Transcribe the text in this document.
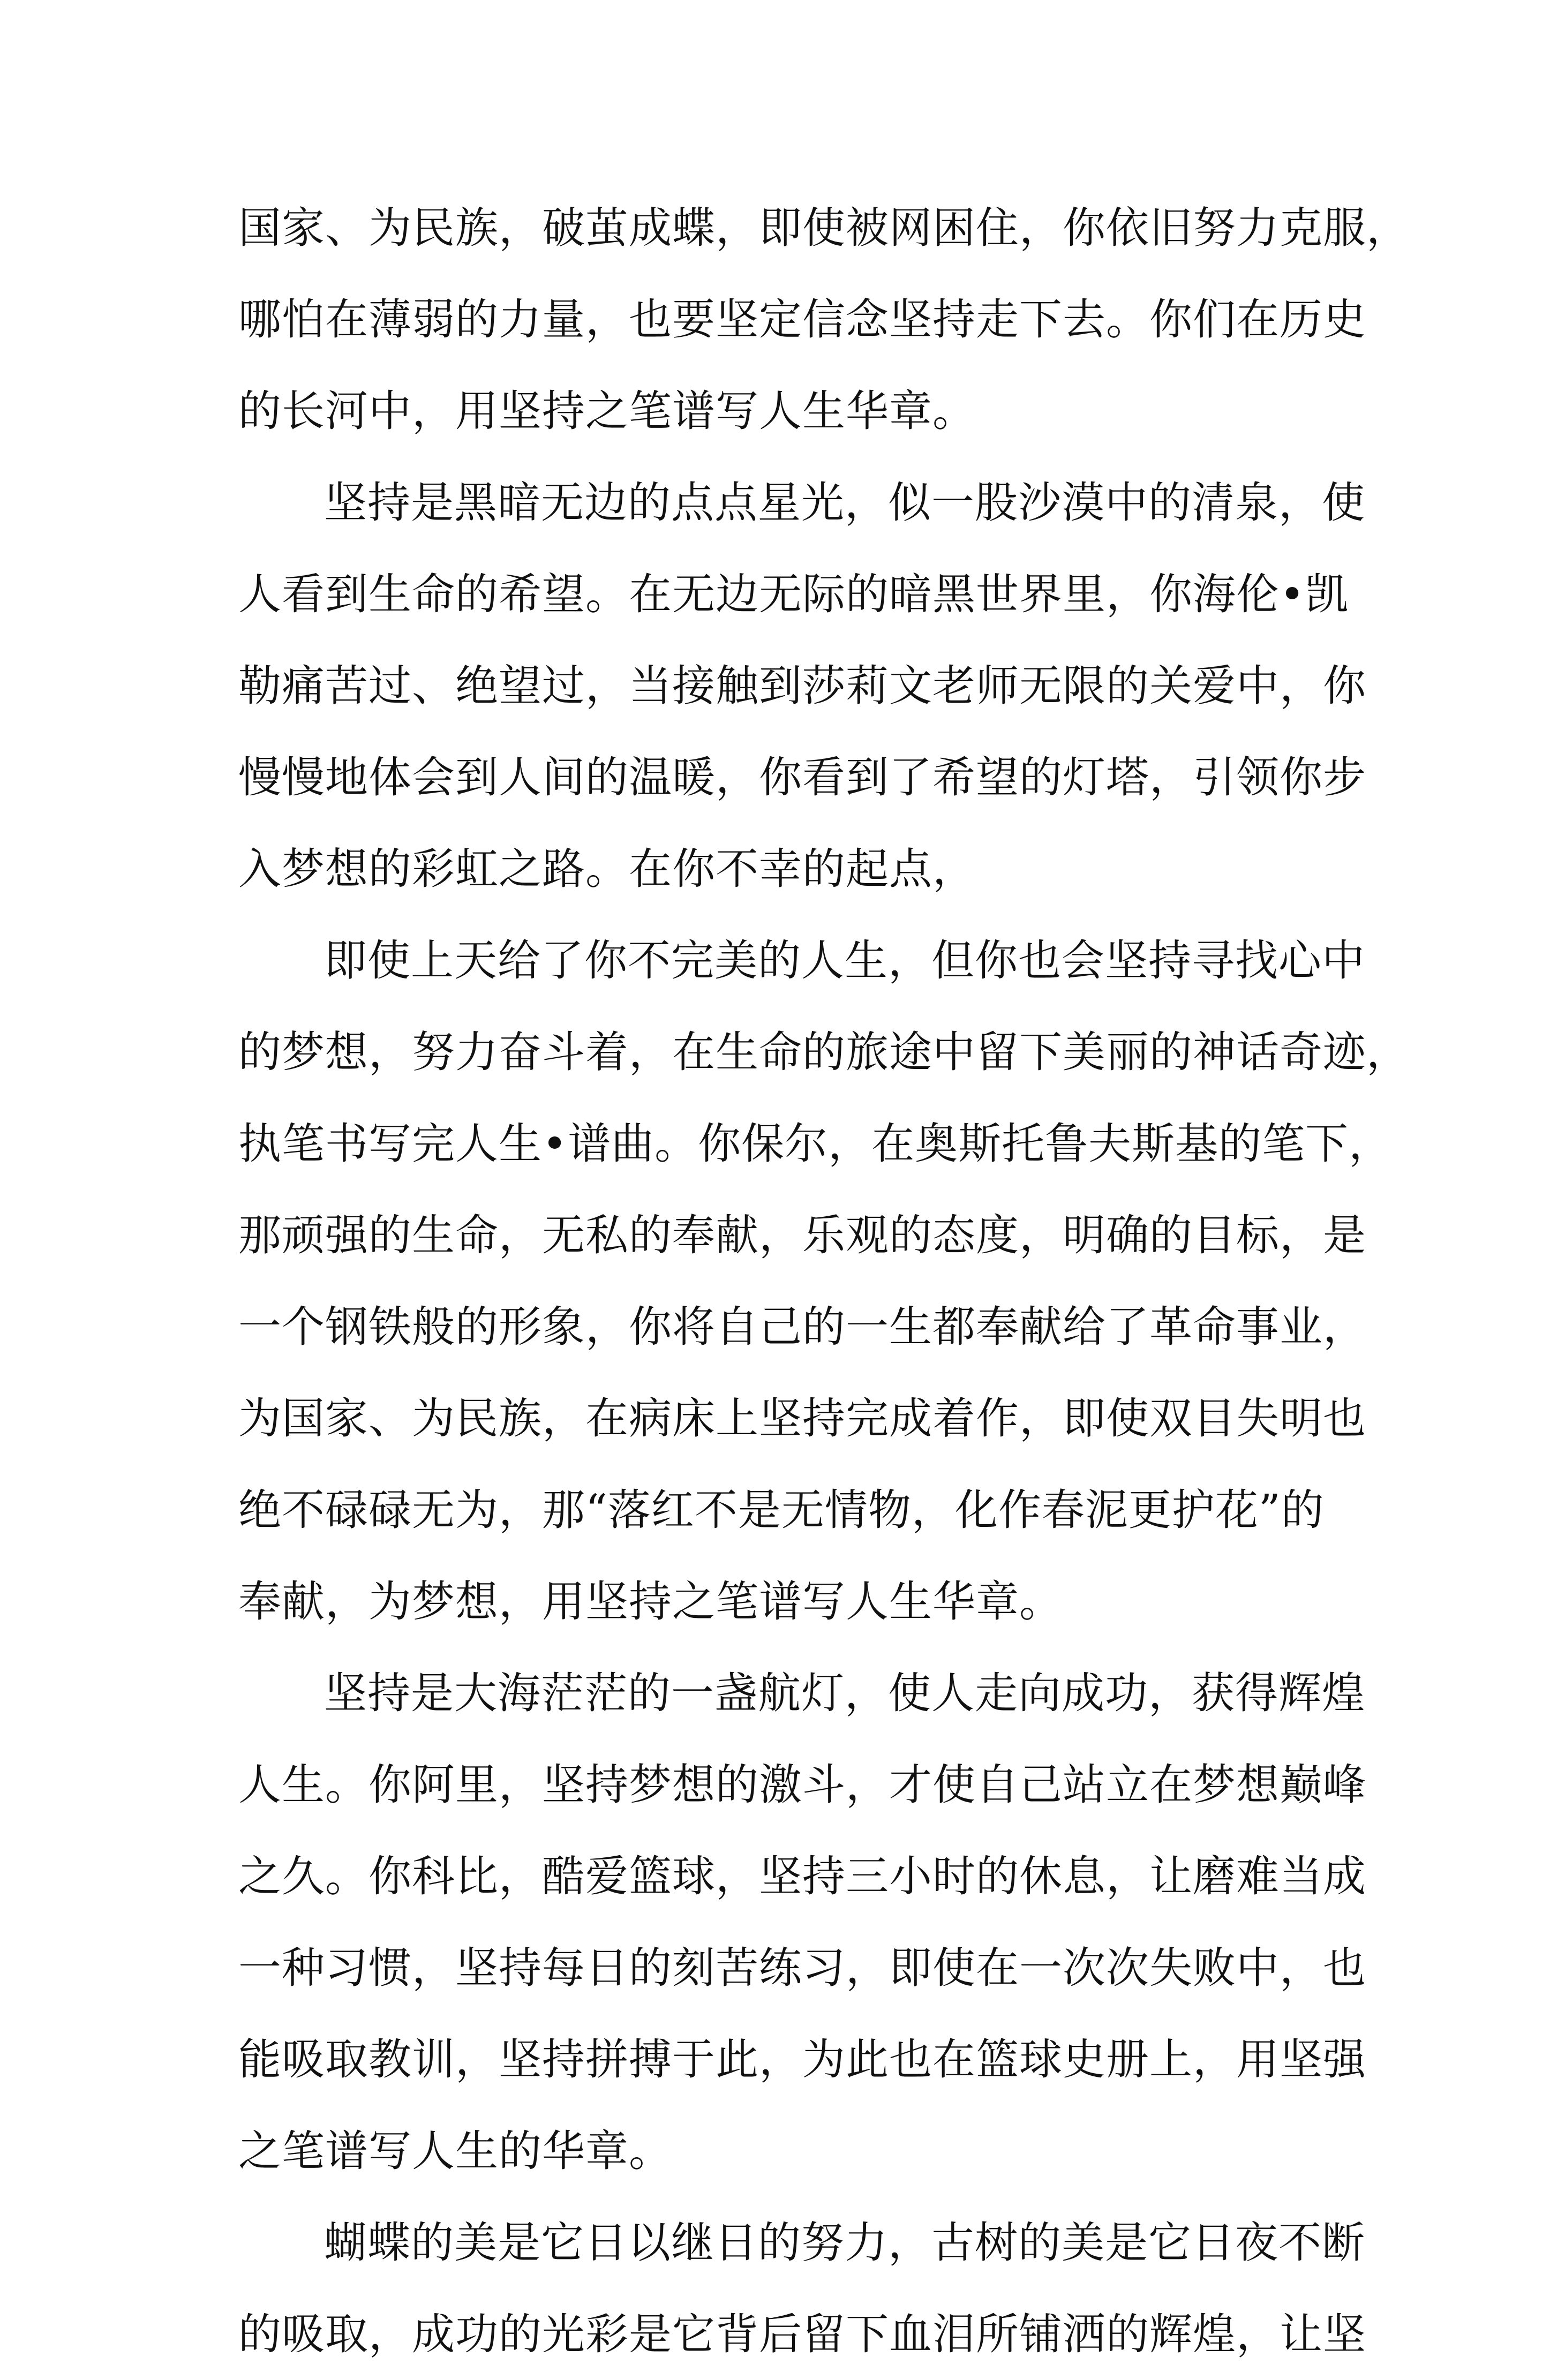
国家、为民族，破茧成蝶，即使被网困住，你依旧努力克服，
哪怕在薄弱的力量，也要坚定信念坚持走下去。你们在历史
的长河中，用坚持之笔谱写人生华章。
坚持是黑暗无边的点点星光，似一股沙漠中的清泉，使
人看到生命的希望。在无边无际的暗黑世界里，你海伦•凯
勒痛苦过、绝望过，当接触到莎莉文老师无限的关爱中，你
慢慢地体会到人间的温暖，你看到了希望的灯塔，引领你步
入梦想的彩虹之路。在你不幸的起点，
即使上天给了你不完美的人生，但你也会坚持寻找心中
的梦想，努力奋斗着，在生命的旅途中留下美丽的神话奇迹，
执笔书写完人生•谱曲。你保尔，在奥斯托鲁夫斯基的笔下，
那顽强的生命，无私的奉献，乐观的态度，明确的目标，是
一个钢铁般的形象，你将自己的一生都奉献给了革命事业，
为国家、为民族，在病床上坚持完成着作，即使双目失明也
绝不碌碌无为，那“落红不是无情物，化作春泥更护花”的
奉献，为梦想，用坚持之笔谱写人生华章。
坚持是大海茫茫的一盏航灯，使人走向成功，获得辉煌
人生。你阿里，坚持梦想的激斗，才使自己站立在梦想巅峰
之久。你科比，酷爱篮球，坚持三小时的休息，让磨难当成
一种习惯，坚持每日的刻苦练习，即使在一次次失败中，也
能吸取教训，坚持拼搏于此，为此也在篮球史册上，用坚强
之笔谱写人生的华章。
蝴蝶的美是它日以继日的努力，古树的美是它日夜不断
的吸取，成功的光彩是它背后留下血泪所铺洒的辉煌，让坚
